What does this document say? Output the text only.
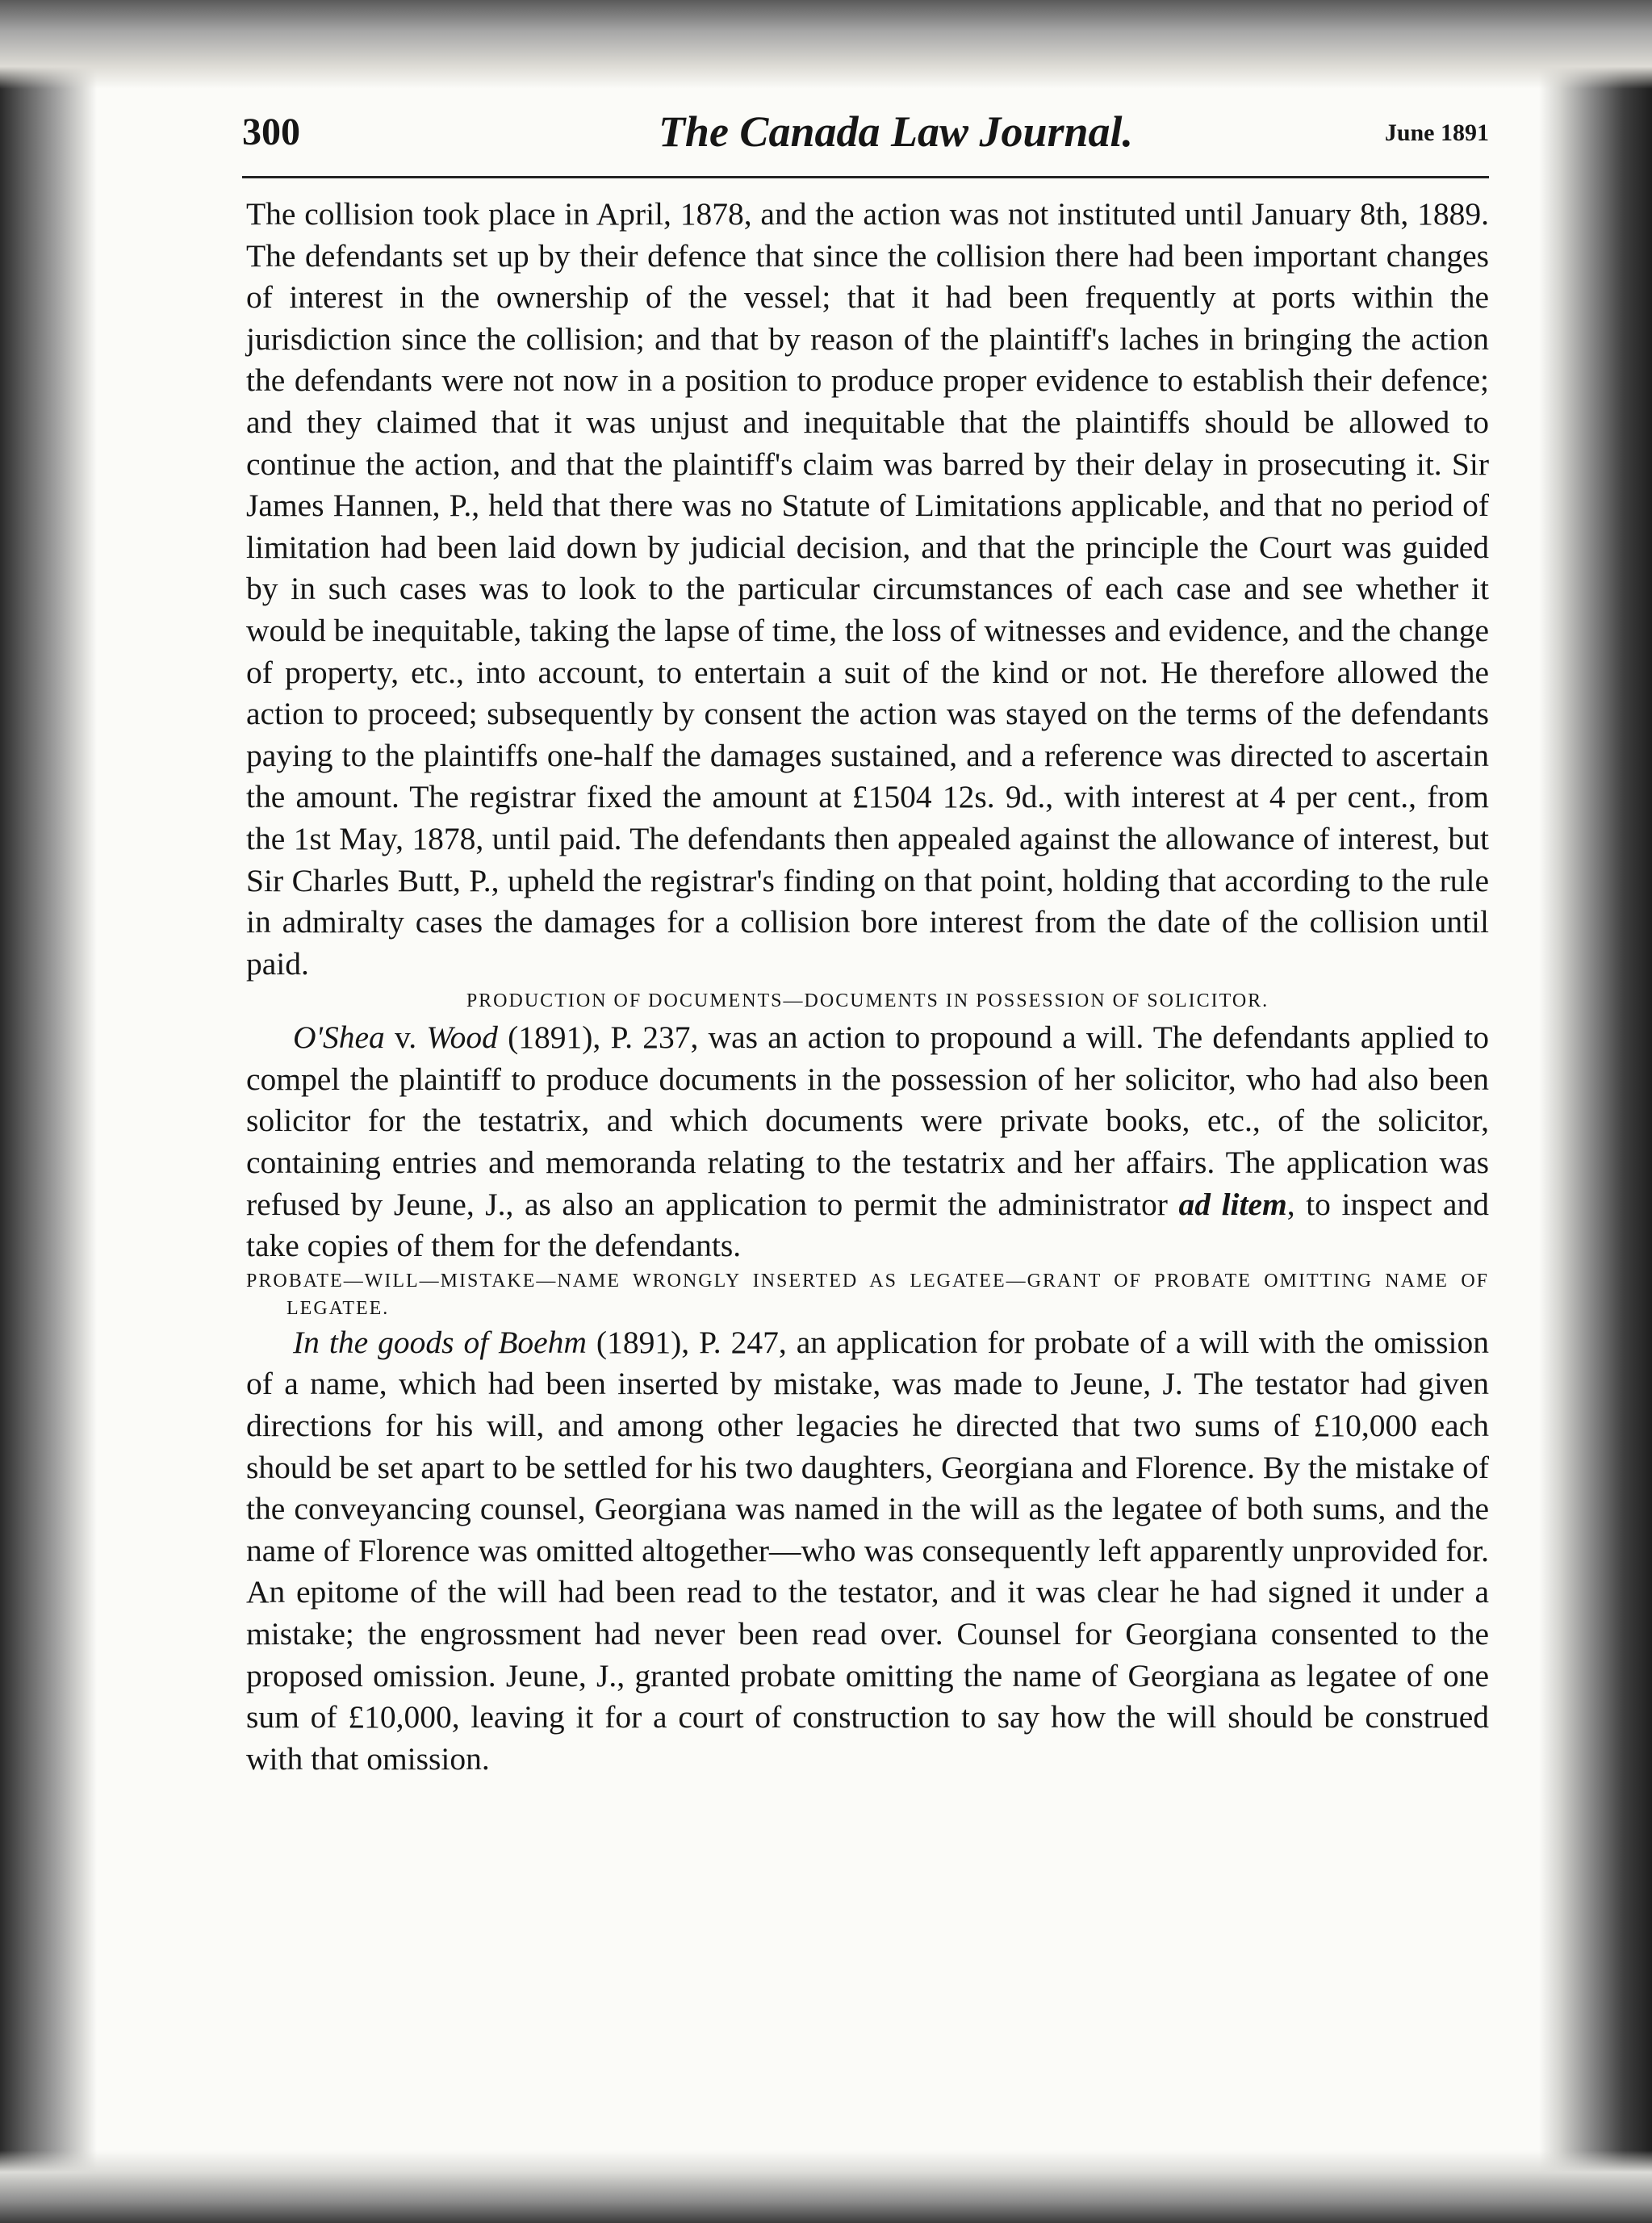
300	The Canada Law Journal.	June 1891

The collision took place in April, 1878, and the action was not instituted until January 8th, 1889. The defendants set up by their defence that since the collision there had been important changes of interest in the ownership of the vessel; that it had been frequently at ports within the jurisdiction since the collision; and that by reason of the plaintiff's laches in bringing the action the defendants were not now in a position to produce proper evidence to establish their defence; and they claimed that it was unjust and inequitable that the plaintiffs should be allowed to continue the action, and that the plaintiff's claim was barred by their delay in prosecuting it. Sir James Hannen, P., held that there was no Statute of Limitations applicable, and that no period of limitation had been laid down by judicial decision, and that the principle the Court was guided by in such cases was to look to the particular circumstances of each case and see whether it would be inequitable, taking the lapse of time, the loss of witnesses and evidence, and the change of property, etc., into account, to entertain a suit of the kind or not. He therefore allowed the action to proceed; subsequently by consent the action was stayed on the terms of the defendants paying to the plaintiffs one-half the damages sustained, and a reference was directed to ascertain the amount. The registrar fixed the amount at £1504 12s. 9d., with interest at 4 per cent., from the 1st May, 1878, until paid. The defendants then appealed against the allowance of interest, but Sir Charles Butt, P., upheld the registrar's finding on that point, holding that according to the rule in admiralty cases the damages for a collision bore interest from the date of the collision until paid.

PRODUCTION OF DOCUMENTS—DOCUMENTS IN POSSESSION OF SOLICITOR.

O'Shea v. Wood (1891), P. 237, was an action to propound a will. The defendants applied to compel the plaintiff to produce documents in the possession of her solicitor, who had also been solicitor for the testatrix, and which documents were private books, etc., of the solicitor, containing entries and memoranda relating to the testatrix and her affairs. The application was refused by Jeune, J., as also an application to permit the administrator ad litem, to inspect and take copies of them for the defendants.

PROBATE—WILL—MISTAKE—NAME WRONGLY INSERTED AS LEGATEE—GRANT OF PROBATE OMITTING NAME OF LEGATEE.

In the goods of Boehm (1891), P. 247, an application for probate of a will with the omission of a name, which had been inserted by mistake, was made to Jeune, J. The testator had given directions for his will, and among other legacies he directed that two sums of £10,000 each should be set apart to be settled for his two daughters, Georgiana and Florence. By the mistake of the conveyancing counsel, Georgiana was named in the will as the legatee of both sums, and the name of Florence was omitted altogether—who was consequently left apparently unprovided for. An epitome of the will had been read to the testator, and it was clear he had signed it under a mistake; the engrossment had never been read over. Counsel for Georgiana consented to the proposed omission. Jeune, J., granted probate omitting the name of Georgiana as legatee of one sum of £10,000, leaving it for a court of construction to say how the will should be construed with that omission.
